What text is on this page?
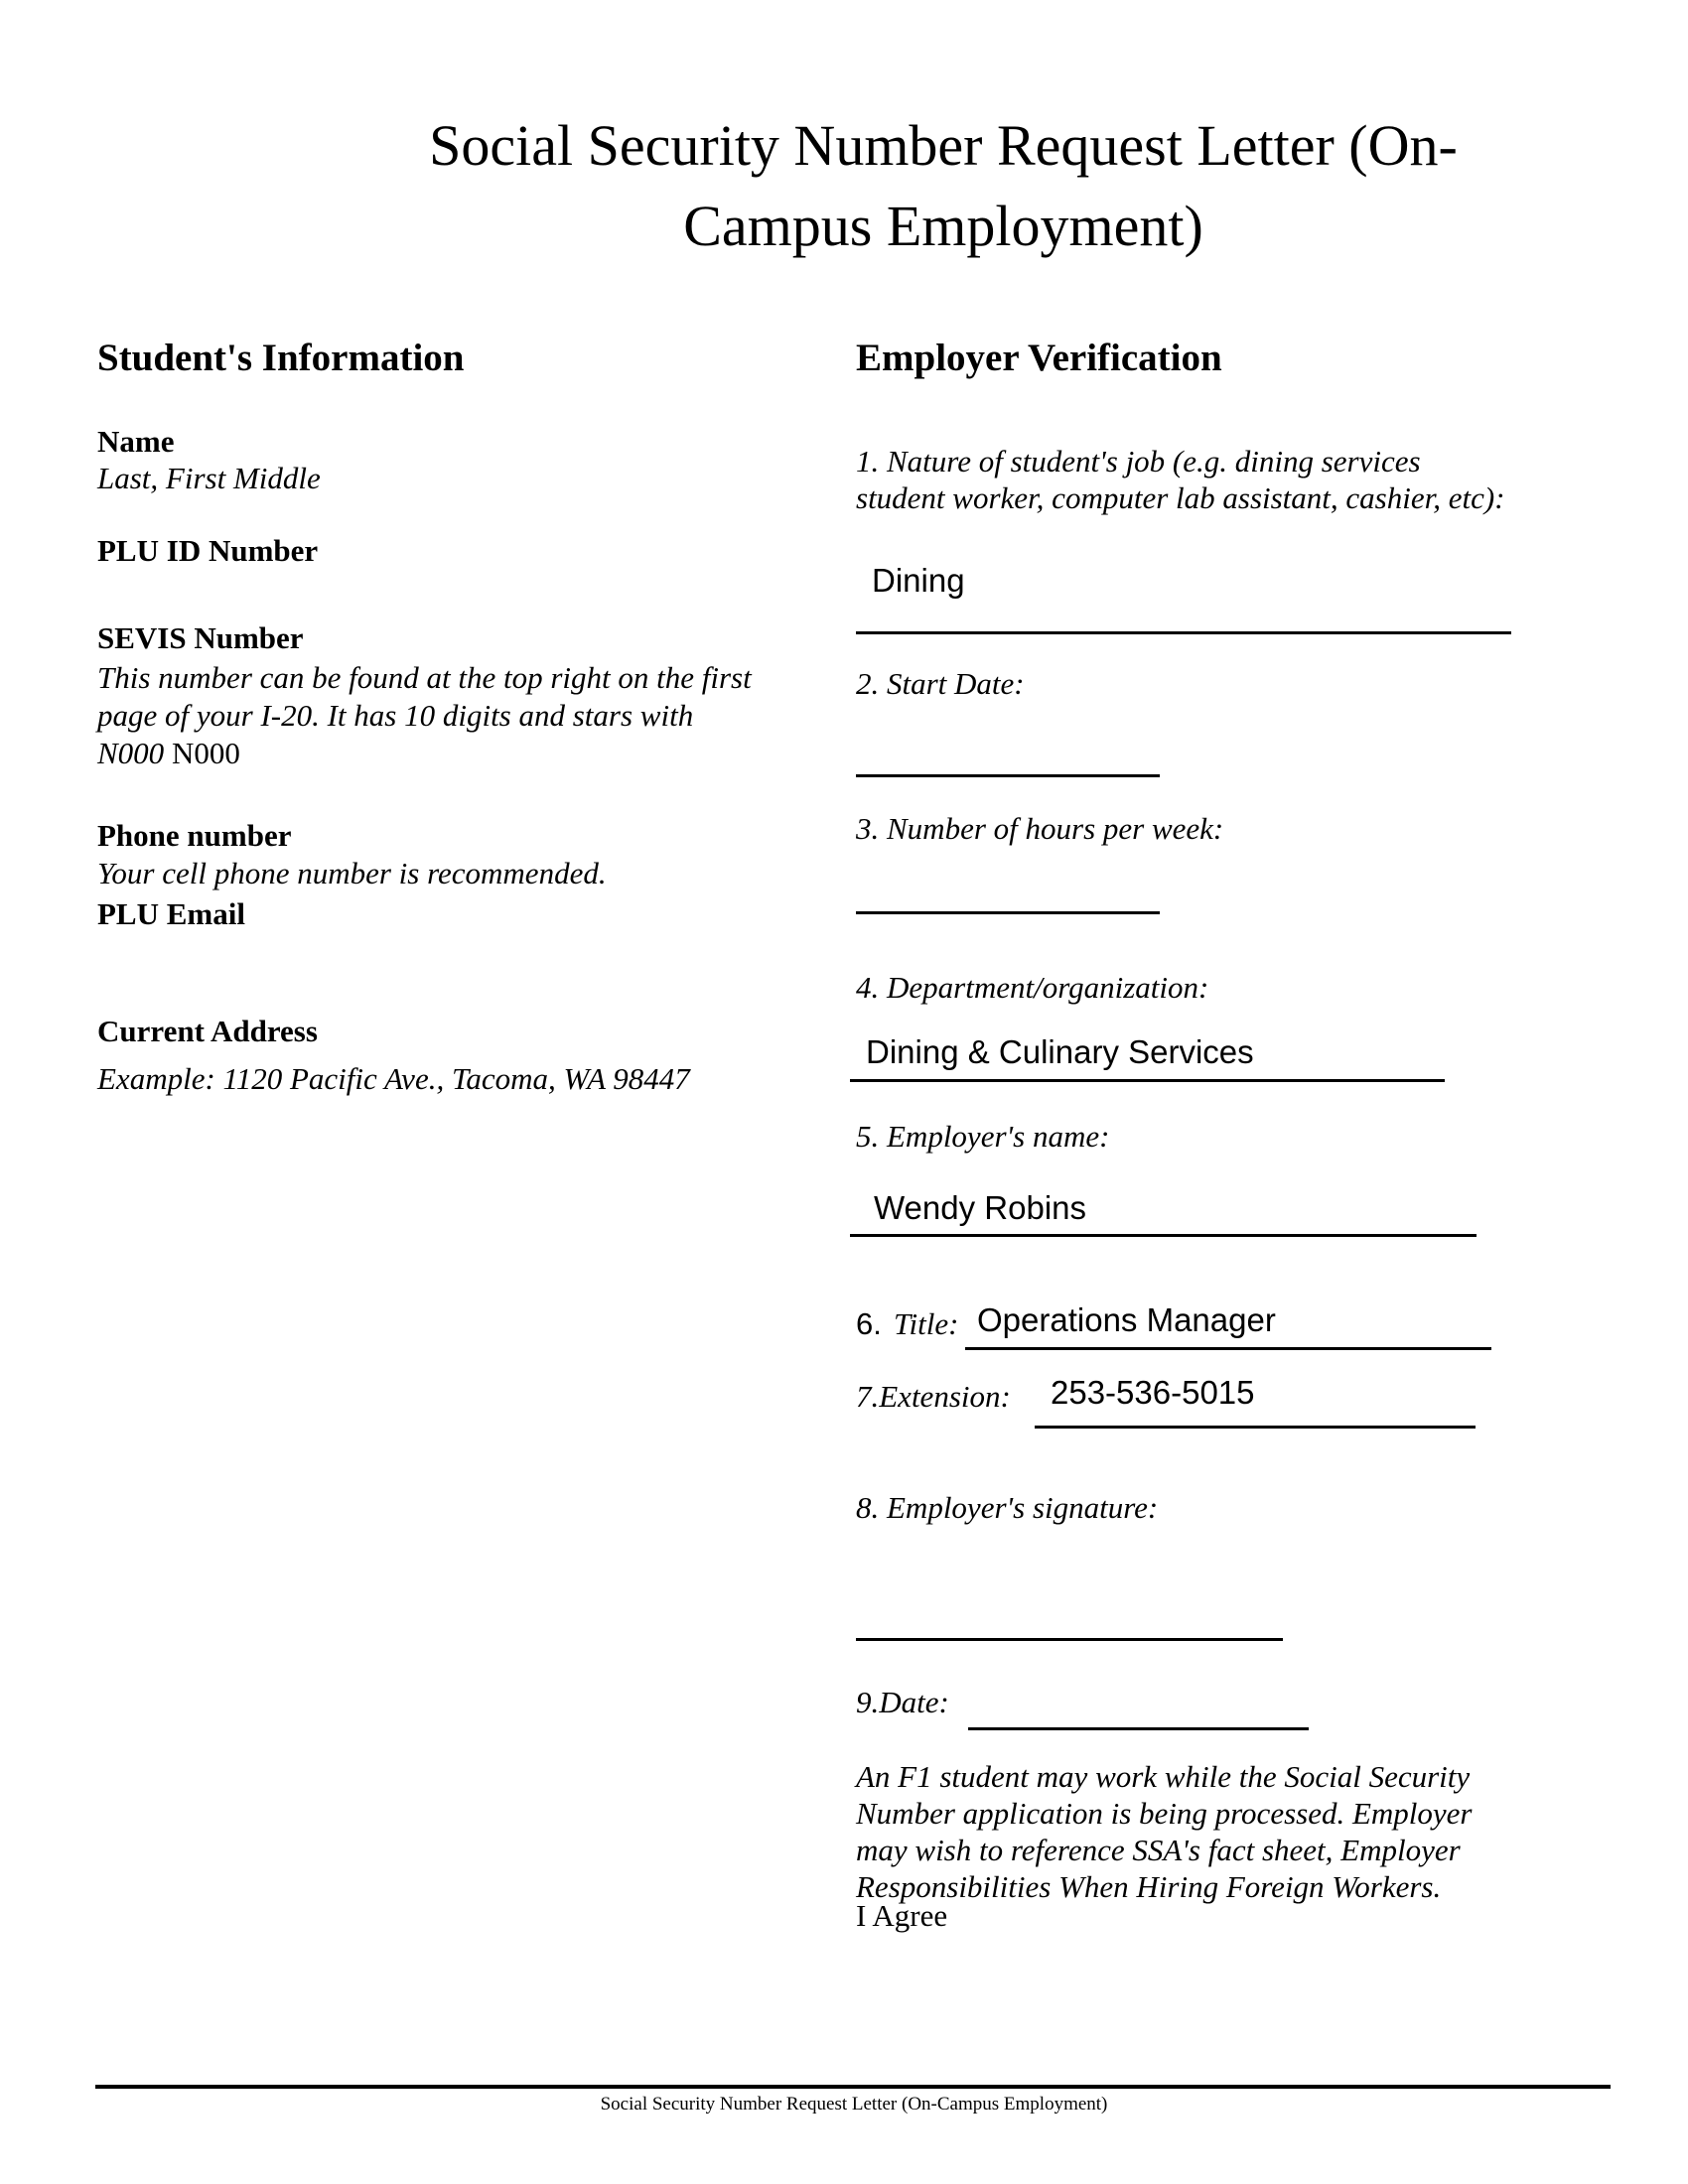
Social Security Number Request Letter (On-
Campus Employment)
Student's Information
Name
Last, First Middle
PLU ID Number
SEVIS Number
This number can be found at the top right on the first
page of your I-20. It has 10 digits and stars with
N000 N000
Phone number
Your cell phone number is recommended.
PLU Email
Current Address
Example: 1120 Pacific Ave., Tacoma, WA 98447
Employer Verification
1. Nature of student's job (e.g. dining services
student worker, computer lab assistant, cashier, etc):
Dining
2. Start Date:
3. Number of hours per week:
4. Department/organization:
Dining & Culinary Services
5. Employer's name:
Wendy Robins
6. Title: Operations Manager
7.Extension: 253-536-5015
8. Employer's signature:
9.Date:
An F1 student may work while the Social Security
Number application is being processed. Employer
may wish to reference SSA's fact sheet, Employer
Responsibilities When Hiring Foreign Workers.
I Agree
Social Security Number Request Letter (On-Campus Employment)
